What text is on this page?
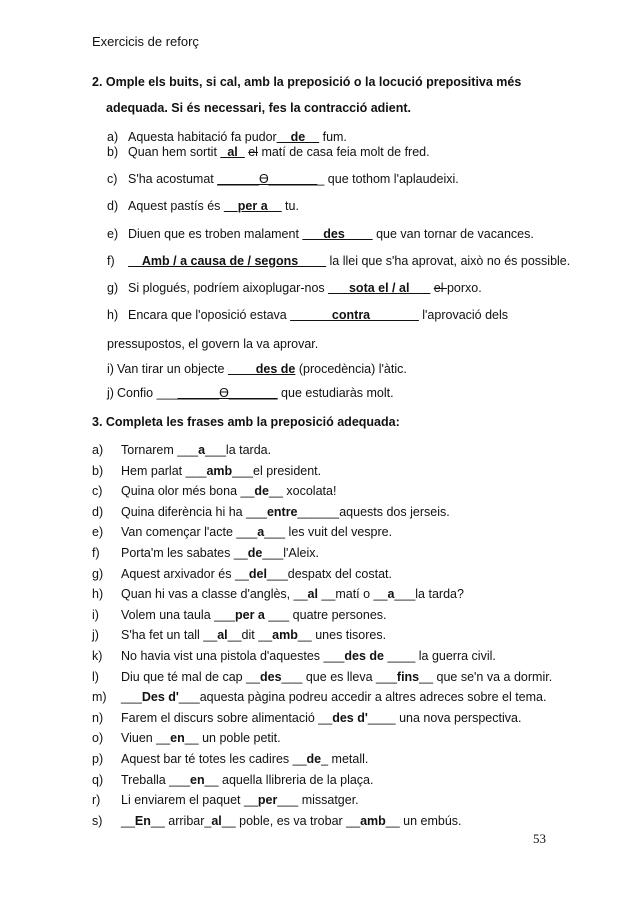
Exercicis de reforç
2. Omple els buits, si cal, amb la preposició o la locució prepositiva més
adequada. Si és necessari, fes la contracció adient.
a) Aquesta habitació fa pudor__de__ fum.
b) Quan hem sortit _al_ el matí de casa feia molt de fred.
c) S'ha acostumat ______ϴ________ que tothom l'aplaudeixi.
d) Aquest pastís és __per a__ tu.
e) Diuen que es troben malament ___des____ que van tornar de vacances.
f) __Amb / a causa de / segons____ la llei que s'ha aprovat, això no és possible.
g) Si plogués, podríem aixoplugar-nos ___sota el / al___ el porxo.
h) Encara que l'oposició estava ______contra_______ l'aprovació dels
pressupostos, el govern la va aprovar.
i) Van tirar un objecte ____des de (procedència) l'àtic.
j) Confio _________ϴ_______ que estudiaràs molt.
3. Completa les frases amb la preposició adequada:
a) Tornarem ___a___la tarda.
b) Hem parlat ___amb___el president.
c) Quina olor més bona __de__ xocolata!
d) Quina diferència hi ha ___entre______aquests dos jerseis.
e) Van començar l'acte ___a___ les vuit del vespre.
f) Porta'm les sabates __de___l'Aleix.
g) Aquest arxivador és __del___despatx del costat.
h) Quan hi vas a classe d'anglès, __al __matí o __a___la tarda?
i) Volem una taula ___per a ___ quatre persones.
j) S'ha fet un tall __al__dit __amb__ unes tisores.
k) No havia vist una pistola d'aquestes ___des de ____ la guerra civil.
l) Diu que té mal de cap __des___ que es lleva ___fins__ que se'n va a dormir.
m) ___Des d'___aquesta pàgina podreu accedir a altres adreces sobre el tema.
n) Farem el discurs sobre alimentació __des d'____ una nova perspectiva.
o) Viuen __en__ un poble petit.
p) Aquest bar té totes les cadires __de_ metall.
q) Treballa ___en__ aquella llibreria de la plaça.
r) Li enviarem el paquet __per___ missatger.
s) __En__ arribar_al__ poble, es va trobar __amb__ un embús.
53
